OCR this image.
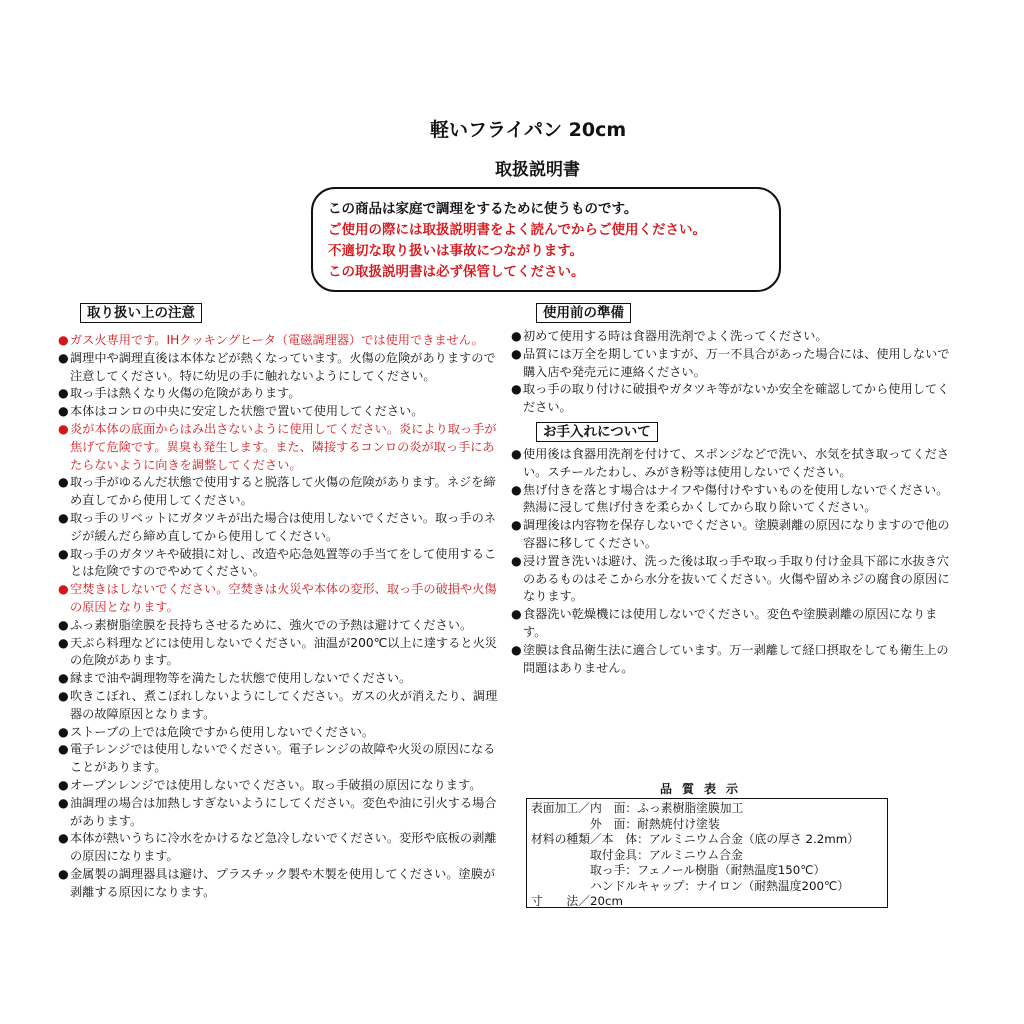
軽いフライパン 20cm
取扱説明書
この商品は家庭で調理をするために使うものです。
ご使用の際には取扱説明書をよく読んでからご使用ください。
不適切な取り扱いは事故につながります。
この取扱説明書は必ず保管してください。
取り扱い上の注意
● ガス火専用です。IHクッキングヒータ（電磁調理器）では使用できません。
● 調理中や調理直後は本体などが熱くなっています。火傷の危険がありますので注意してください。特に幼児の手に触れないようにしてください。
● 取っ手は熱くなり火傷の危険があります。
● 本体はコンロの中央に安定した状態で置いて使用してください。
● 炎が本体の底面からはみ出さないように使用してください。炎により取っ手が焦げて危険です。異臭も発生します。また、隣接するコンロの炎が取っ手にあたらないように向きを調整してください。
● 取っ手がゆるんだ状態で使用すると脱落して火傷の危険があります。ネジを締め直してから使用してください。
● 取っ手のリベットにガタツキが出た場合は使用しないでください。取っ手のネジが緩んだら締め直してから使用してください。
● 取っ手のガタツキや破損に対し、改造や応急処置等の手当てをして使用することは危険ですのでやめてください。
● 空焚きはしないでください。空焚きは火災や本体の変形、取っ手の破損や火傷の原因となります。
● ふっ素樹脂塗膜を長持ちさせるために、強火での予熱は避けてください。
● 天ぷら料理などには使用しないでください。油温が200℃以上に達すると火災の危険があります。
● 縁まで油や調理物等を満たした状態で使用しないでください。
● 吹きこぼれ、煮こぼれしないようにしてください。ガスの火が消えたり、調理器の故障原因となります。
● ストーブの上では危険ですから使用しないでください。
● 電子レンジでは使用しないでください。電子レンジの故障や火災の原因になることがあります。
● オーブンレンジでは使用しないでください。取っ手破損の原因になります。
● 油調理の場合は加熱しすぎないようにしてください。変色や油に引火する場合があります。
● 本体が熱いうちに冷水をかけるなど急冷しないでください。変形や底板の剥離の原因になります。
● 金属製の調理器具は避け、プラスチック製や木製を使用してください。塗膜が剥離する原因になります。
使用前の準備
● 初めて使用する時は食器用洗剤でよく洗ってください。
● 品質には万全を期していますが、万一不具合があった場合には、使用しないで購入店や発売元に連絡ください。
● 取っ手の取り付けに破損やガタツキ等がないか安全を確認してから使用してください。
お手入れについて
● 使用後は食器用洗剤を付けて、スポンジなどで洗い、水気を拭き取ってください。スチールたわし、みがき粉等は使用しないでください。
● 焦げ付きを落とす場合はナイフや傷付けやすいものを使用しないでください。熱湯に浸して焦げ付きを柔らかくしてから取り除いてください。
● 調理後は内容物を保存しないでください。塗膜剥離の原因になりますので他の容器に移してください。
● 浸け置き洗いは避け、洗った後は取っ手や取っ手取り付け金具下部に水抜き穴のあるものはそこから水分を抜いてください。火傷や留めネジの腐食の原因になります。
● 食器洗い乾燥機には使用しないでください。変色や塗膜剥離の原因になります。
● 塗膜は食品衛生法に適合しています。万一剥離して経口摂取をしても衛生上の問題はありません。
品質表示
表面加工／内　面：ふっ素樹脂塗膜加工
　　　　　外　面：耐熱焼付け塗装
材料の種類／本　体：アルミニウム合金（底の厚さ 2.2mm）
　　　　　取付金具：アルミニウム合金
　　　　　取っ手：フェノール樹脂（耐熱温度150℃）
　　　　　ハンドルキャップ：ナイロン（耐熱温度200℃）
寸　　法／20cm
